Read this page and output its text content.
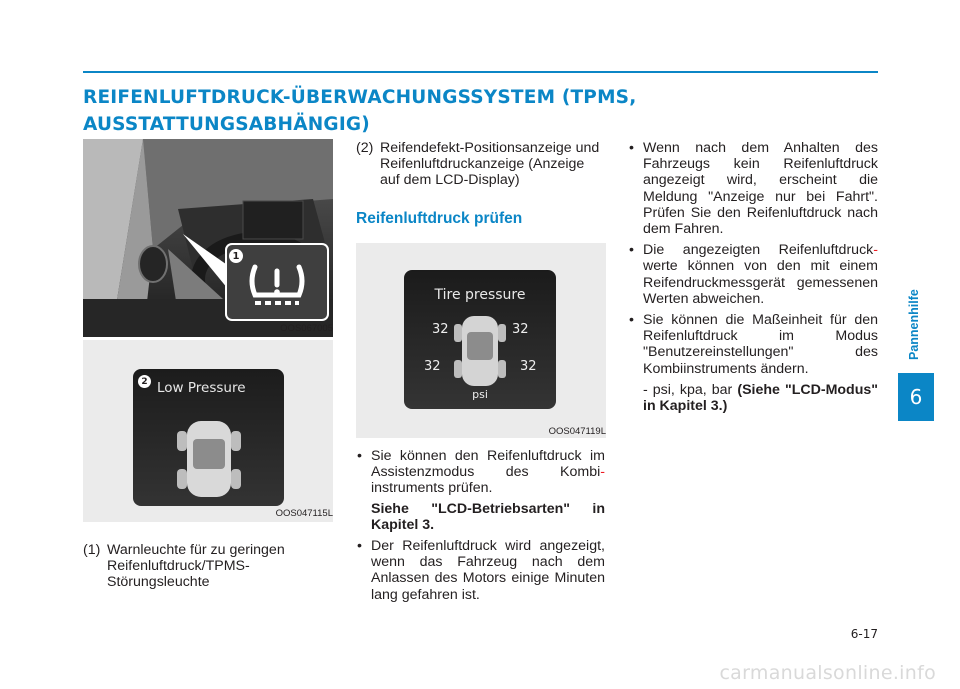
REIFENLUFTDRUCK-ÜBERWACHUNGSSYSTEM (TPMS, AUSSTATTUNGSABHÄNGIG)
Pannenhilfe
6
1
OOS067005
2 Low Pressure
OOS047115L
(1) Warnleuchte für zu geringen Reifenluftdruck/TPMS-Störungsleuchte
(2) Reifendefekt-Positionsanzeige und Reifenluftdruckanzeige (Anzeige auf dem LCD-Display)
Reifenluftdruck prüfen
Tire pressure
32	32
32	32
psi
OOS047119L
• Sie können den Reifenluftdruck im Assistenzmodus des Kombi- instruments prüfen.
Siehe "LCD-Betriebsarten" in Kapitel 3.
• Der Reifenluftdruck wird angezeigt, wenn das Fahrzeug nach dem Anlassen des Motors einige Minuten lang gefahren ist.
• Wenn nach dem Anhalten des Fahrzeugs kein Reifenluftdruck angezeigt wird, erscheint die Meldung "Anzeige nur bei Fahrt". Prüfen Sie den Reifenluftdruck nach dem Fahren.
• Die angezeigten Reifenluftdruck- werte können von den mit einem Reifendruckmessgerät gemessenen Werten abweichen.
• Sie können die Maßeinheit für den Reifenluftdruck im Modus "Benutzereinstellungen" des Kombiinstruments ändern.
- psi, kpa, bar (Siehe "LCD-Modus" in Kapitel 3.)
6-17
carmanualsonline.info
